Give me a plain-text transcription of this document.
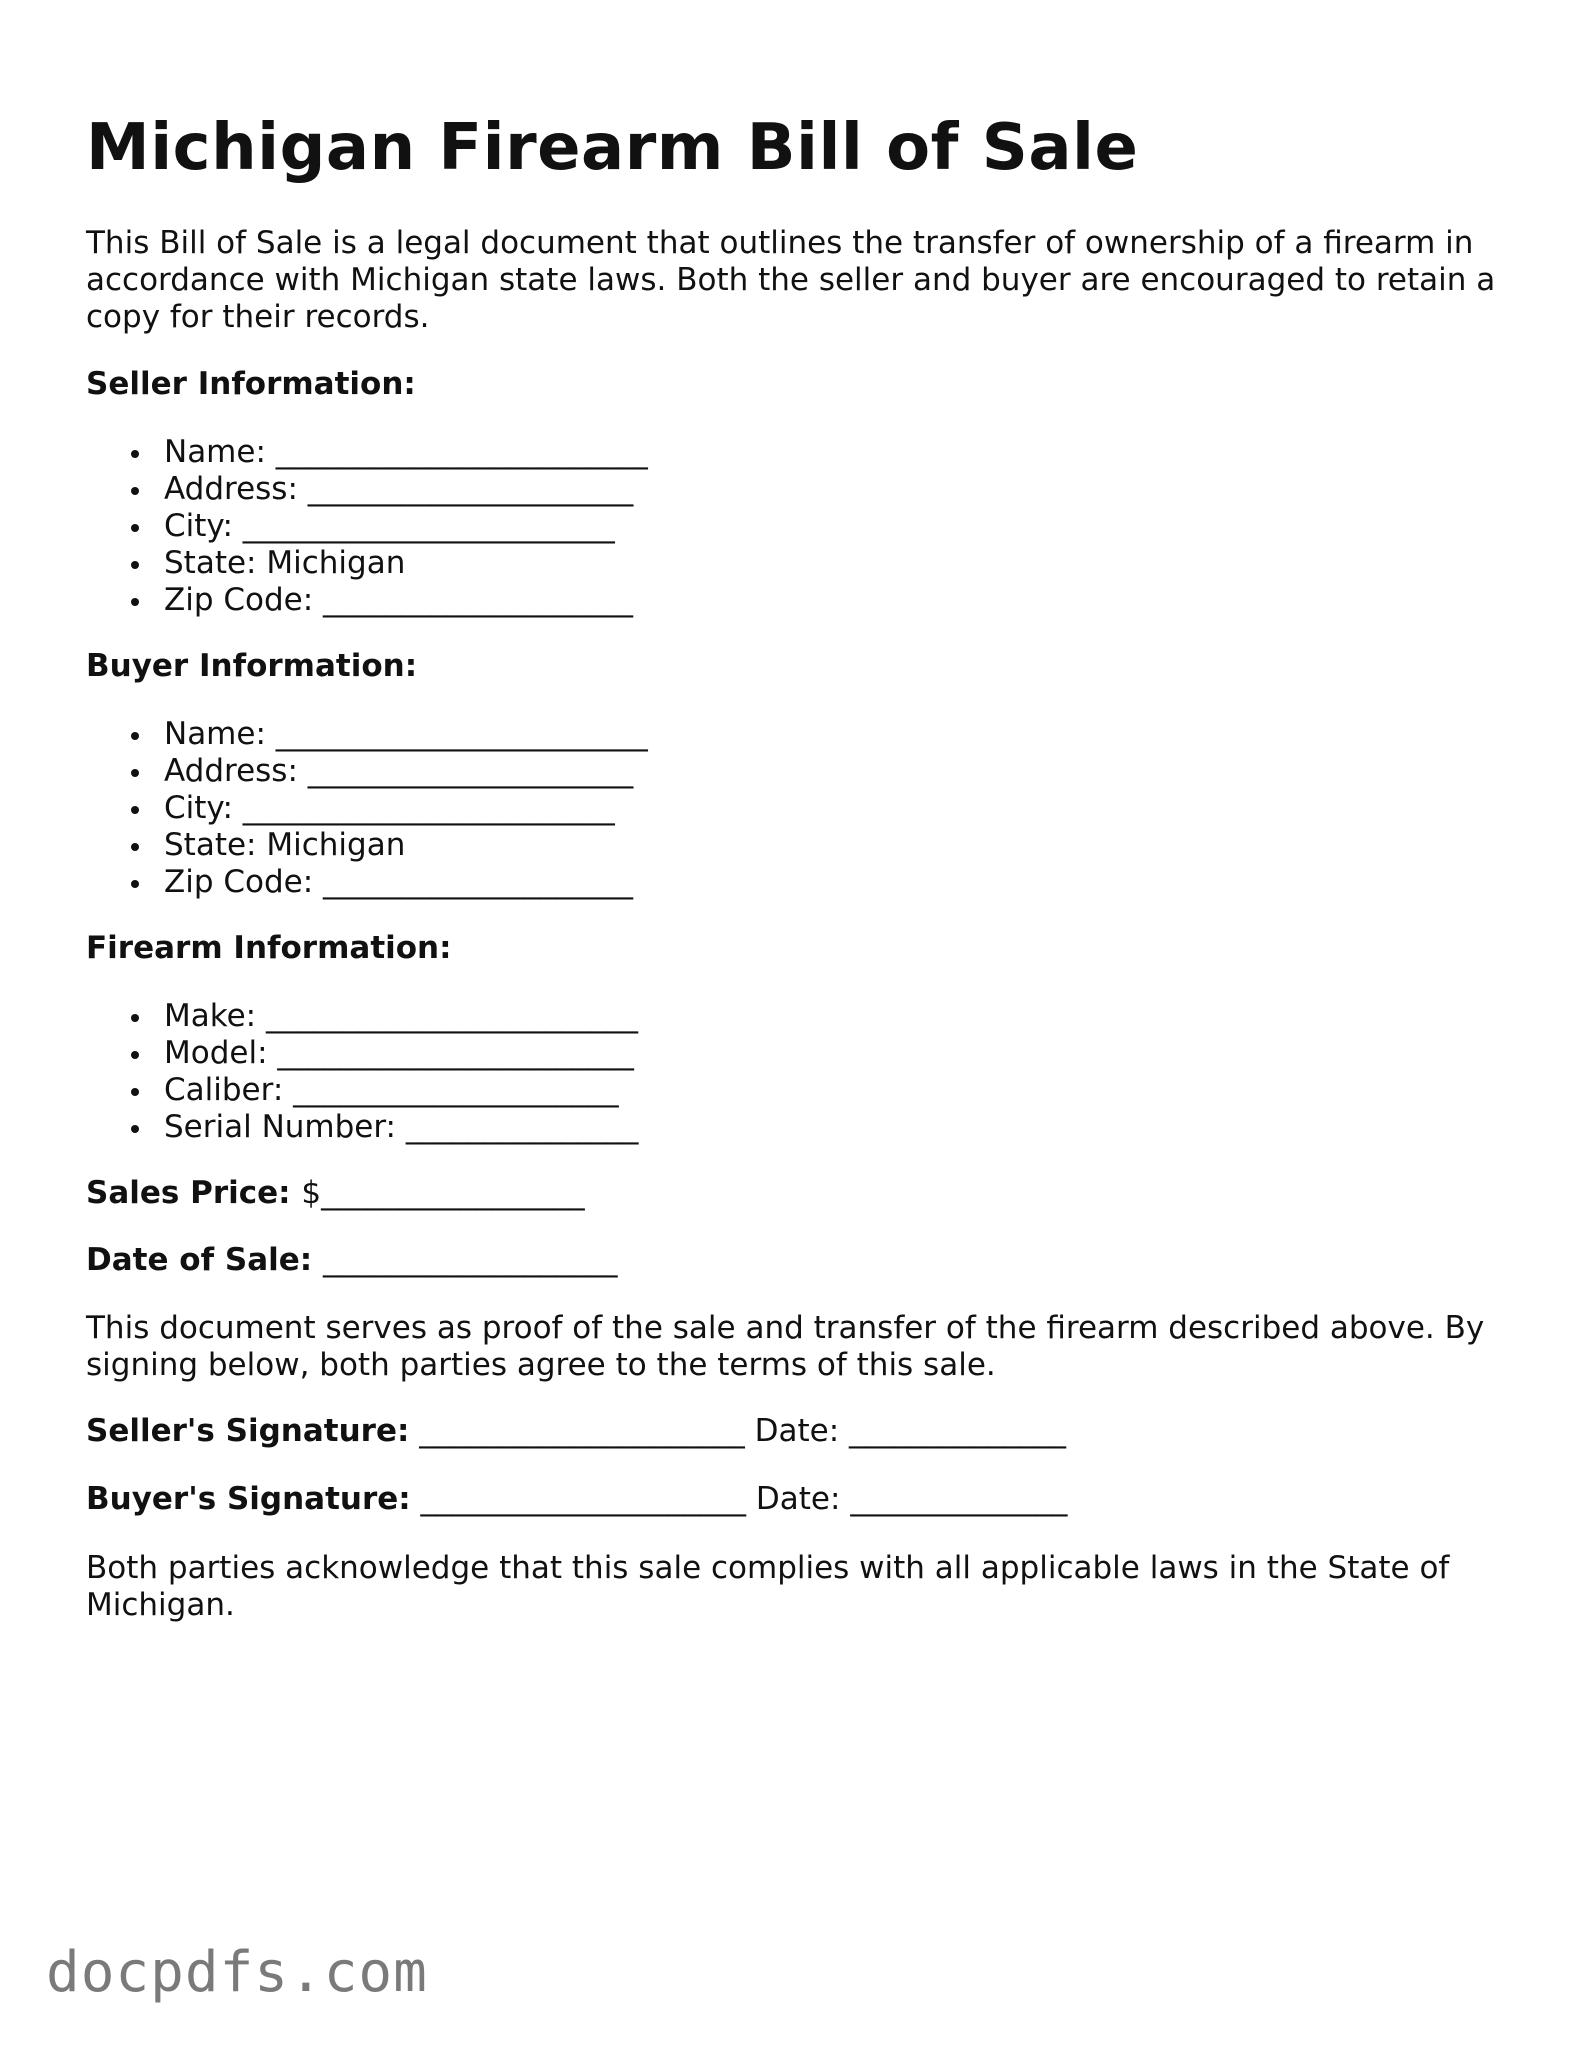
Michigan Firearm Bill of Sale

This Bill of Sale is a legal document that outlines the transfer of ownership of a firearm in accordance with Michigan state laws. Both the seller and buyer are encouraged to retain a copy for their records.

Seller Information:

Name: ________________________
Address: _____________________
City: ________________________
State: Michigan
Zip Code: ____________________

Buyer Information:

Name: ________________________
Address: _____________________
City: ________________________
State: Michigan
Zip Code: ____________________

Firearm Information:

Make: ________________________
Model: _______________________
Caliber: _____________________
Serial Number: _______________

Sales Price: $_________________

Date of Sale: ___________________

This document serves as proof of the sale and transfer of the firearm described above. By signing below, both parties agree to the terms of this sale.

Seller's Signature: _____________________ Date: ______________

Buyer's Signature: _____________________ Date: ______________

Both parties acknowledge that this sale complies with all applicable laws in the State of Michigan.

docpdfs.com
